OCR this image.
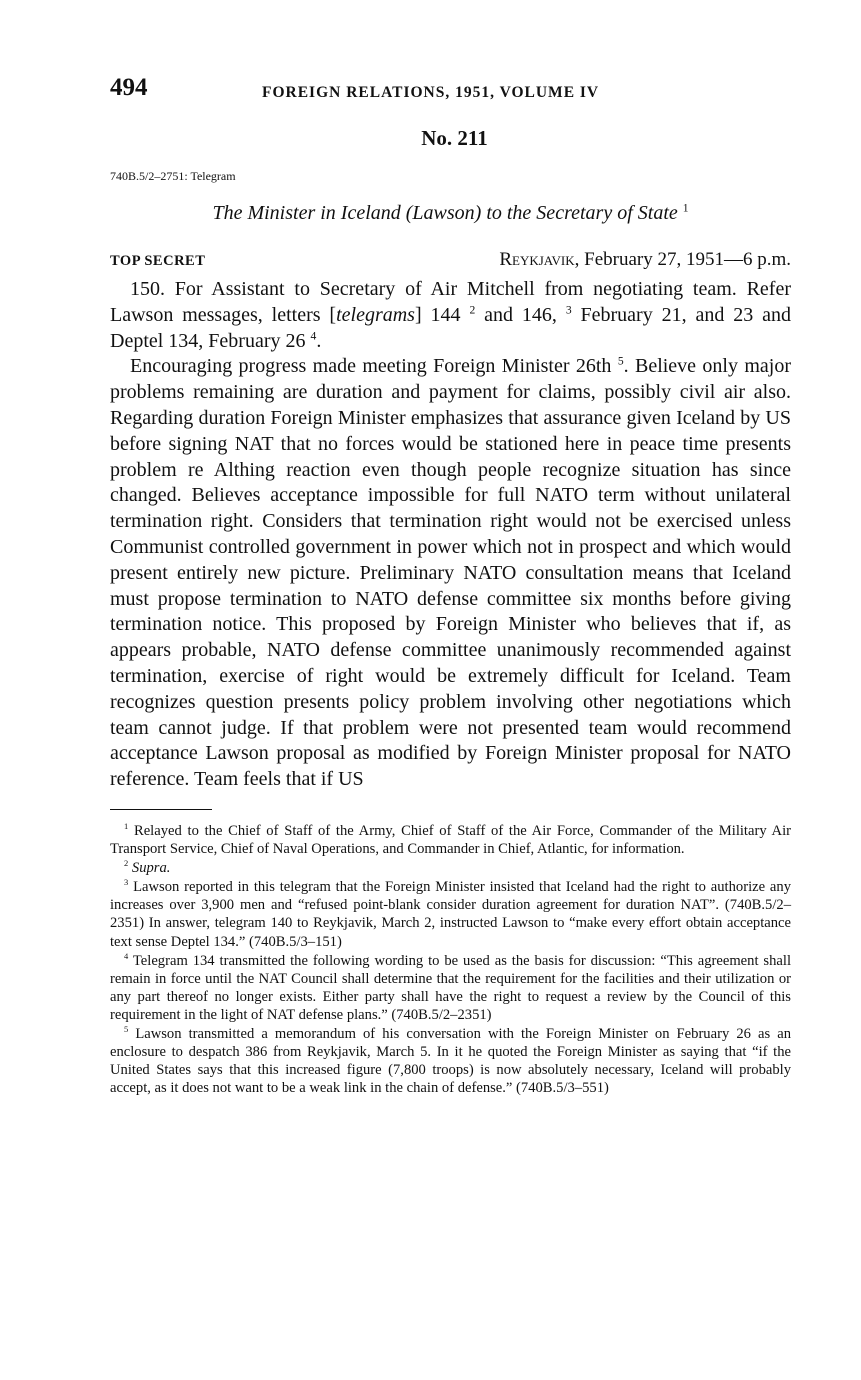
494	FOREIGN RELATIONS, 1951, VOLUME IV
No. 211
740B.5/2–2751: Telegram
The Minister in Iceland (Lawson) to the Secretary of State $^1$
TOP SECRET	Reykjavik, February 27, 1951—6 p.m.

150. For Assistant to Secretary of Air Mitchell from negotiating team. Refer Lawson messages, letters [telegrams] 144 $^2$ and 146, $^3$ February 21, and 23 and Deptel 134, February 26 $^4$.

Encouraging progress made meeting Foreign Minister 26th $^5$. Believe only major problems remaining are duration and payment for claims, possibly civil air also. Regarding duration Foreign Minister emphasizes that assurance given Iceland by US before signing NAT that no forces would be stationed here in peace time presents problem re Althing reaction even though people recognize situation has since changed. Believes acceptance impossible for full NATO term without unilateral termination right. Considers that termination right would not be exercised unless Communist controlled government in power which not in prospect and which would present entirely new picture. Preliminary NATO consultation means that Iceland must propose termination to NATO defense committee six months before giving termination notice. This proposed by Foreign Minister who believes that if, as appears probable, NATO defense committee unanimously recommended against termination, exercise of right would be extremely difficult for Iceland. Team recognizes question presents policy problem involving other negotiations which team cannot judge. If that problem were not presented team would recommend acceptance Lawson proposal as modified by Foreign Minister proposal for NATO reference. Team feels that if US

$^1$ Relayed to the Chief of Staff of the Army, Chief of Staff of the Air Force, Commander of the Military Air Transport Service, Chief of Naval Operations, and Commander in Chief, Atlantic, for information.

$^2$ Supra.

$^3$ Lawson reported in this telegram that the Foreign Minister insisted that Iceland had the right to authorize any increases over 3,900 men and “refused point-blank consider duration agreement for duration NAT”. (740B.5/2–2351) In answer, telegram 140 to Reykjavik, March 2, instructed Lawson to “make every effort obtain acceptance text sense Deptel 134.” (740B.5/3–151)

$^4$ Telegram 134 transmitted the following wording to be used as the basis for discussion: “This agreement shall remain in force until the NAT Council shall determine that the requirement for the facilities and their utilization or any part thereof no longer exists. Either party shall have the right to request a review by the Council of this requirement in the light of NAT defense plans.” (740B.5/2–2351)

$^5$ Lawson transmitted a memorandum of his conversation with the Foreign Minister on February 26 as an enclosure to despatch 386 from Reykjavik, March 5. In it he quoted the Foreign Minister as saying that “if the United States says that this increased figure (7,800 troops) is now absolutely necessary, Iceland will probably accept, as it does not want to be a weak link in the chain of defense.” (740B.5/3–551)
